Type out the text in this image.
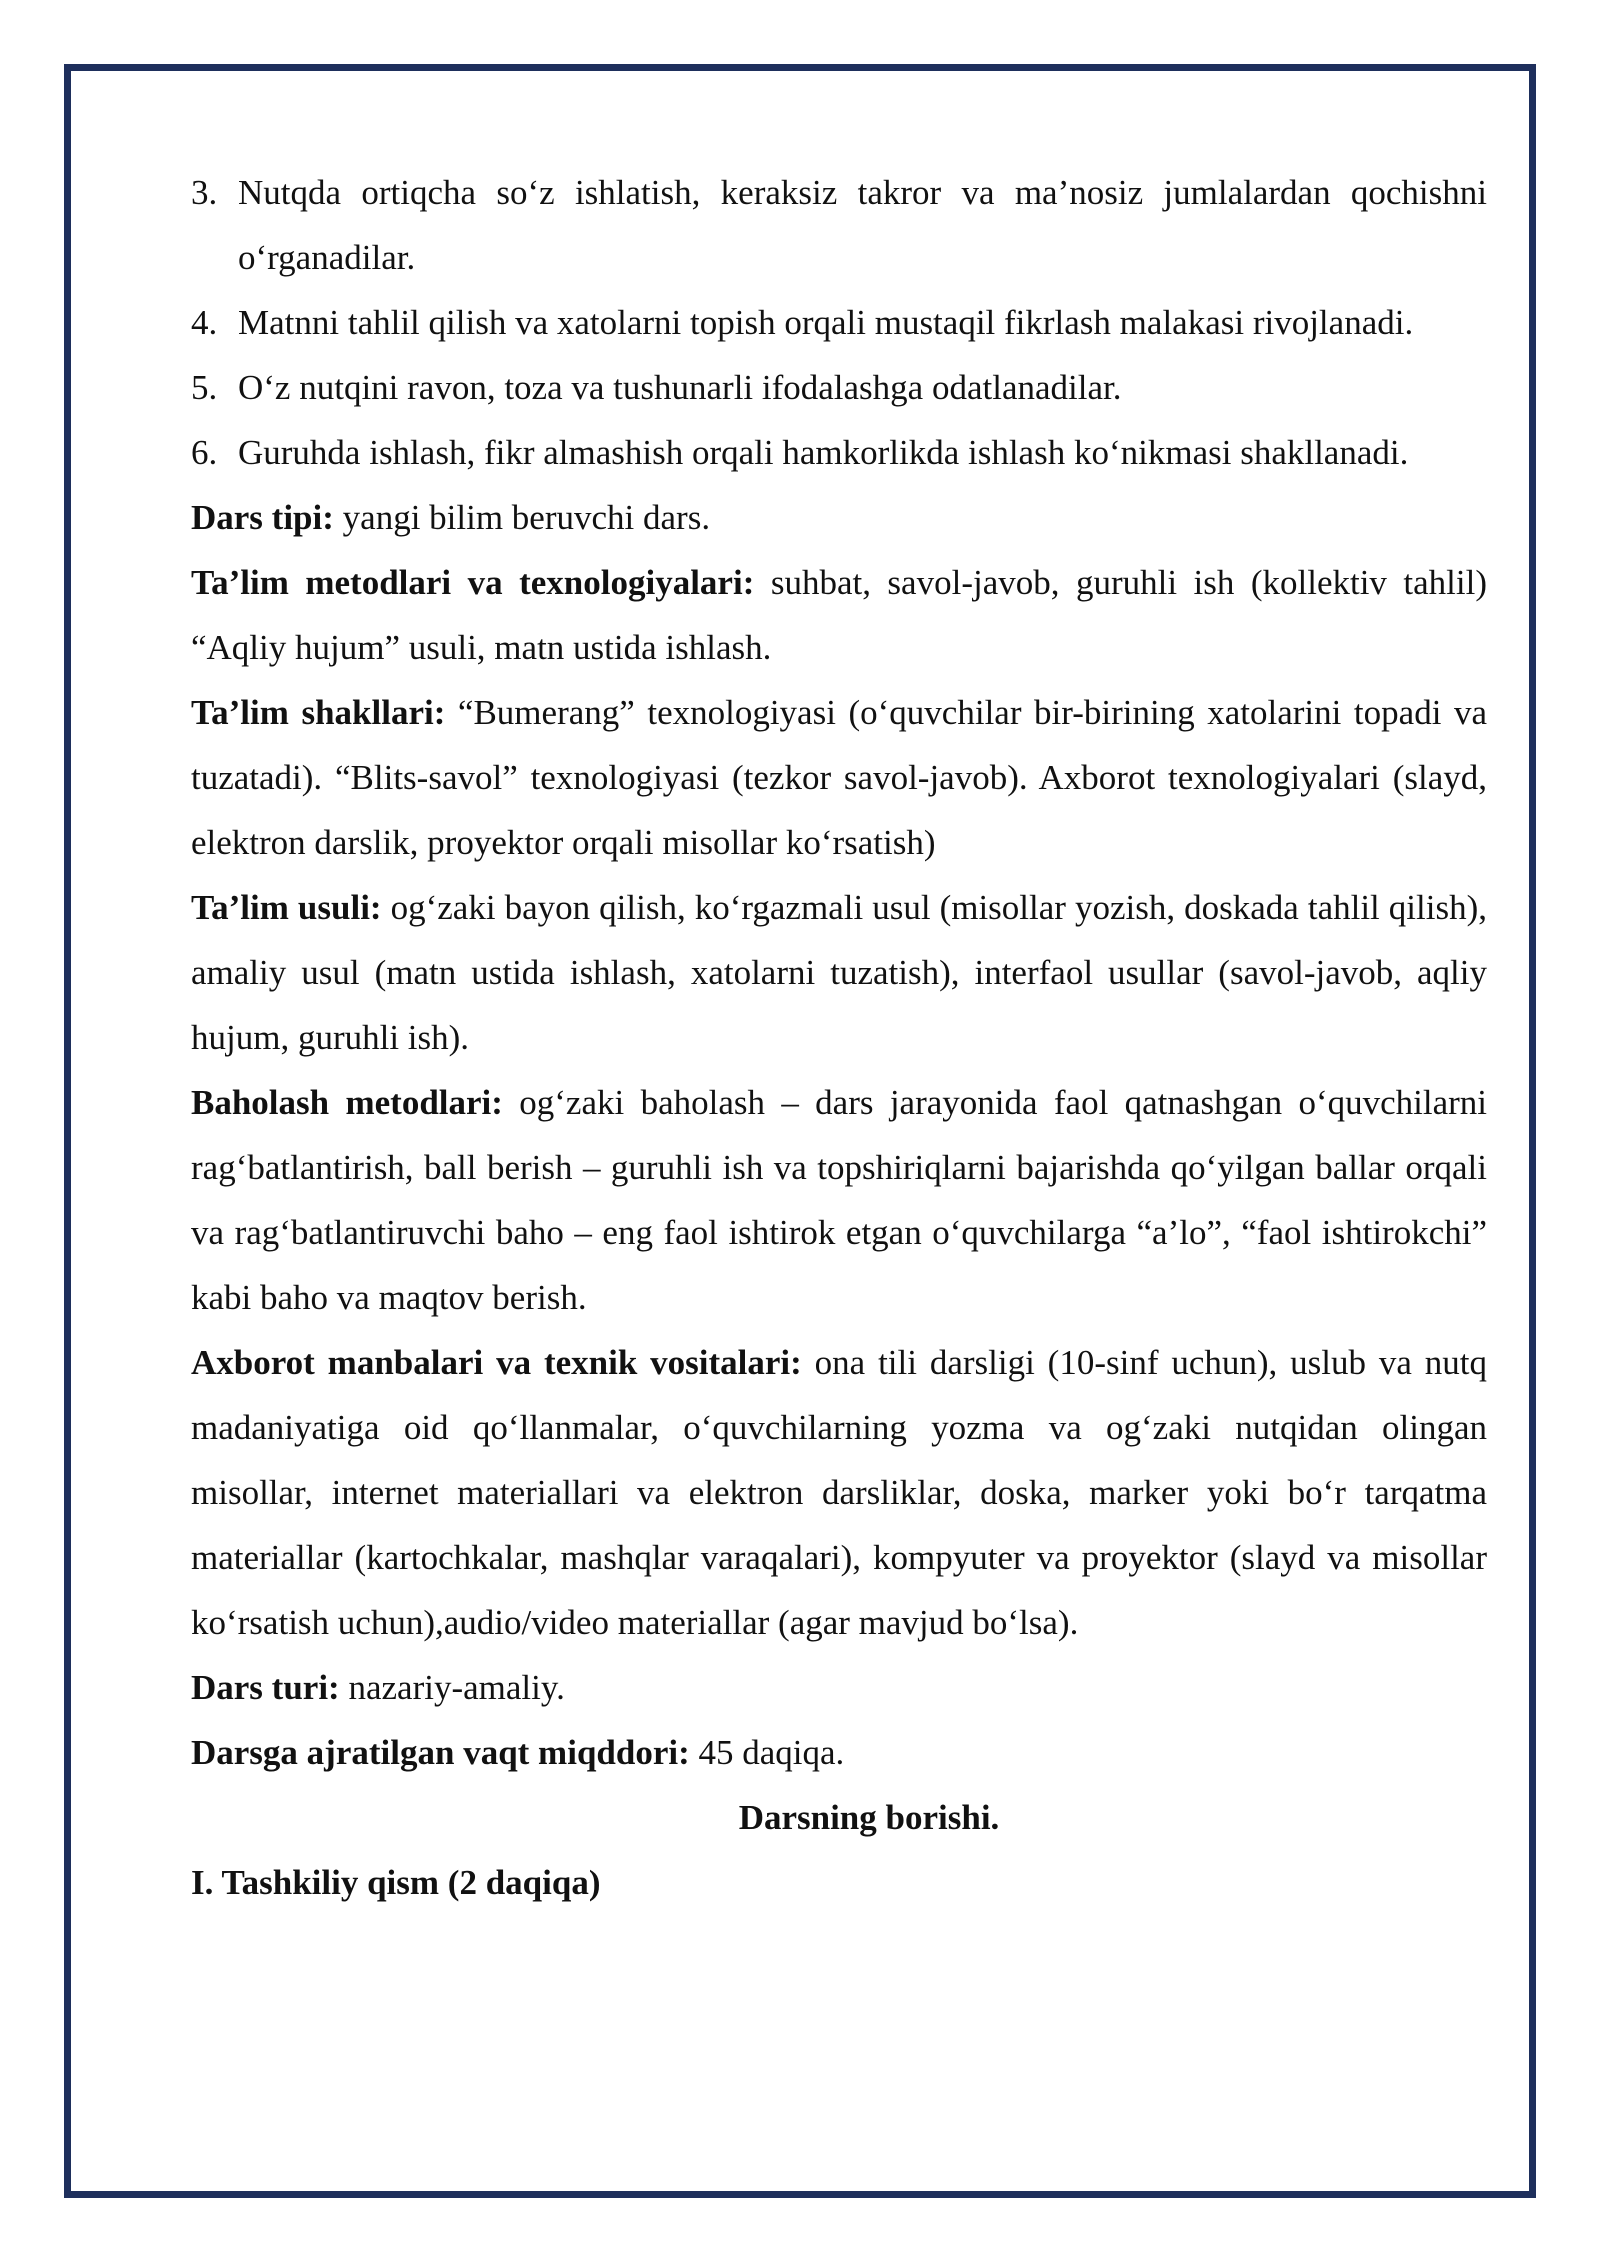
3. Nutqda ortiqcha so‘z ishlatish, keraksiz takror va ma’nosiz jumlalardan qochishni o‘rganadilar.
4. Matnni tahlil qilish va xatolarni topish orqali mustaqil fikrlash malakasi rivojlanadi.
5. O‘z nutqini ravon, toza va tushunarli ifodalashga odatlanadilar.
6. Guruhda ishlash, fikr almashish orqali hamkorlikda ishlash ko‘nikmasi shakllanadi.

Dars tipi: yangi bilim beruvchi dars.

Ta’lim metodlari va texnologiyalari: suhbat, savol-javob, guruhli ish (kollektiv tahlil) “Aqliy hujum” usuli, matn ustida ishlash.

Ta’lim shakllari: “Bumerang” texnologiyasi (o‘quvchilar bir-birining xatolarini topadi va tuzatadi). “Blits-savol” texnologiyasi (tezkor savol-javob). Axborot texnologiyalari (slayd, elektron darslik, proyektor orqali misollar ko‘rsatish)

Ta’lim usuli: og‘zaki bayon qilish, ko‘rgazmali usul (misollar yozish, doskada tahlil qilish), amaliy usul (matn ustida ishlash, xatolarni tuzatish), interfaol usullar (savol-javob, aqliy hujum, guruhli ish).

Baholash metodlari: og‘zaki baholash – dars jarayonida faol qatnashgan o‘quvchilarni rag‘batlantirish, ball berish – guruhli ish va topshiriqlarni bajarishda qo‘yilgan ballar orqali va rag‘batlantiruvchi baho – eng faol ishtirok etgan o‘quvchilarga “a’lo”, “faol ishtirokchi” kabi baho va maqtov berish.

Axborot manbalari va texnik vositalari: ona tili darsligi (10-sinf uchun), uslub va nutq madaniyatiga oid qo‘llanmalar, o‘quvchilarning yozma va og‘zaki nutqidan olingan misollar, internet materiallari va elektron darsliklar, doska, marker yoki bo‘r tarqatma materiallar (kartochkalar, mashqlar varaqalari), kompyuter va proyektor (slayd va misollar ko‘rsatish uchun),audio/video materiallar (agar mavjud bo‘lsa).

Dars turi: nazariy-amaliy.

Darsga ajratilgan vaqt miqddori: 45 daqiqa.

Darsning borishi.

I. Tashkiliy qism (2 daqiqa)
